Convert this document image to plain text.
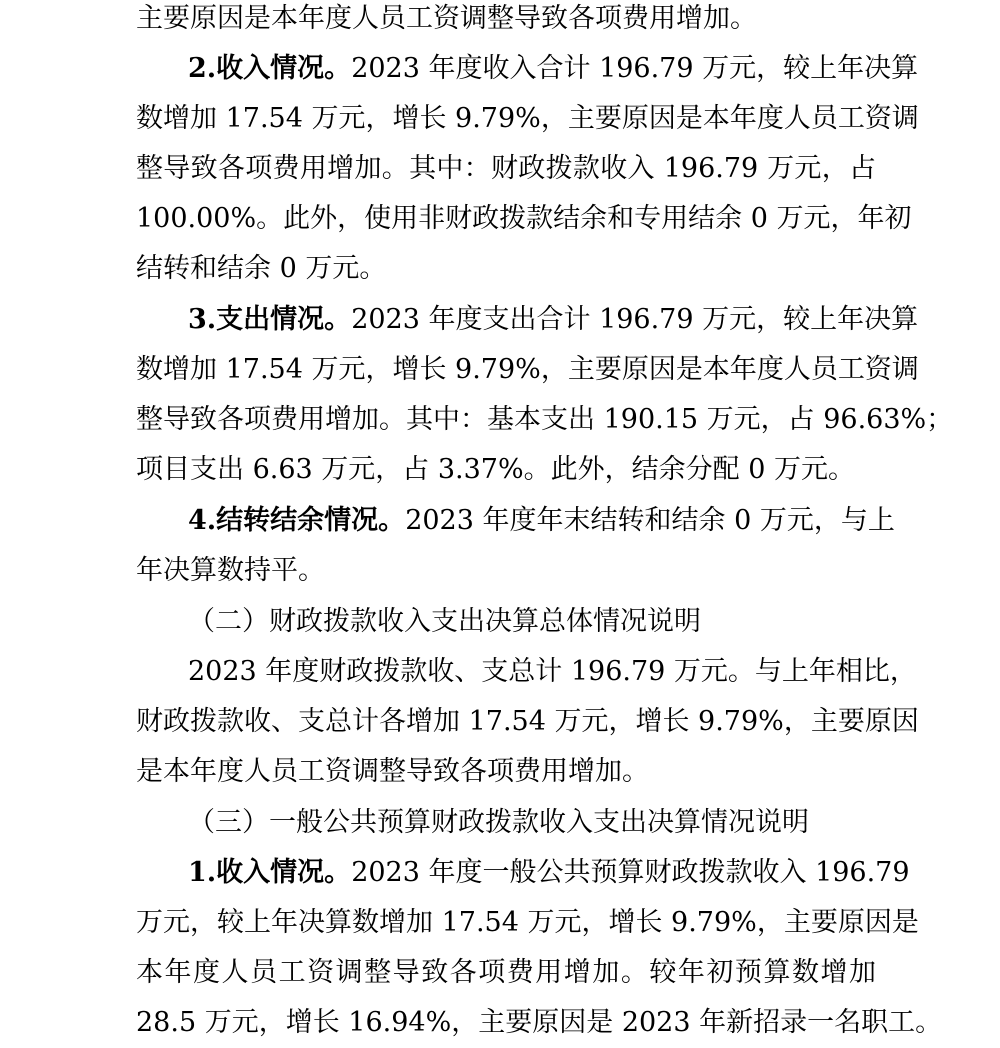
主要原因是本年度人员工资调整导致各项费用增加。
2.收入情况。2023 年度收入合计 196.79 万元，较上年决算
数增加 17.54 万元，增长 9.79%，主要原因是本年度人员工资调
整导致各项费用增加。其中：财政拨款收入 196.79 万元，占
100.00%。此外，使用非财政拨款结余和专用结余 0 万元，年初
结转和结余 0 万元。
3.支出情况。2023 年度支出合计 196.79 万元，较上年决算
数增加 17.54 万元，增长 9.79%，主要原因是本年度人员工资调
整导致各项费用增加。其中：基本支出 190.15 万元，占 96.63%；
项目支出 6.63 万元，占 3.37%。此外，结余分配 0 万元。
4.结转结余情况。2023 年度年末结转和结余 0 万元，与上
年决算数持平。
（二）财政拨款收入支出决算总体情况说明
2023 年度财政拨款收、支总计 196.79 万元。与上年相比，
财政拨款收、支总计各增加 17.54 万元，增长 9.79%，主要原因
是本年度人员工资调整导致各项费用增加。
（三）一般公共预算财政拨款收入支出决算情况说明
1.收入情况。2023 年度一般公共预算财政拨款收入 196.79
万元，较上年决算数增加 17.54 万元，增长 9.79%，主要原因是
本年度人员工资调整导致各项费用增加。较年初预算数增加
28.5 万元，增长 16.94%，主要原因是 2023 年新招录一名职工。
